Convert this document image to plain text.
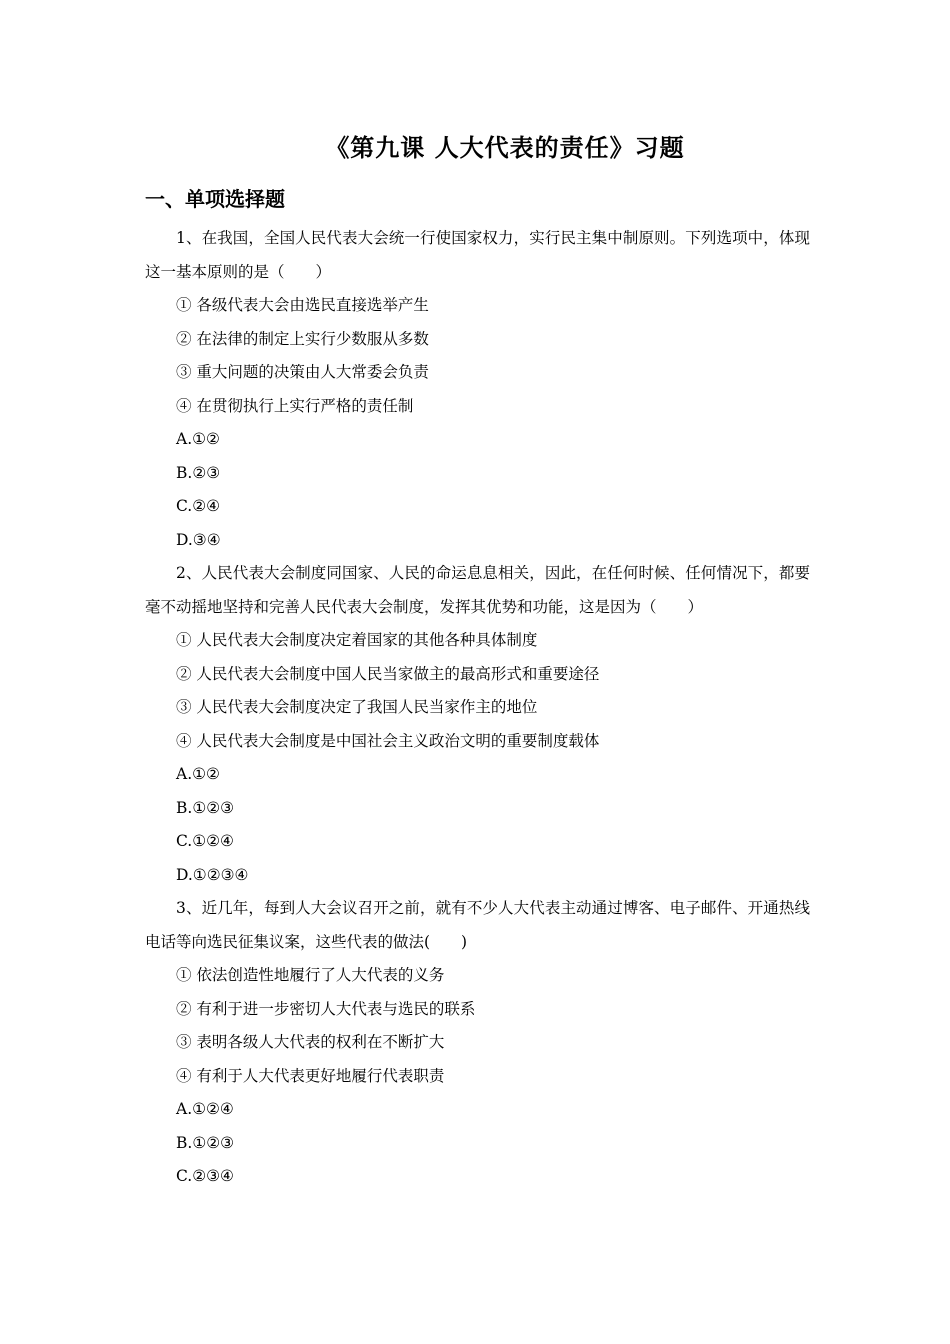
《第九课 人大代表的责任》习题
一、单项选择题

1、在我国，全国人民代表大会统一行使国家权力，实行民主集中制原则。下列选项中，体现这一基本原则的是（　　）

① 各级代表大会由选民直接选举产生

② 在法律的制定上实行少数服从多数

③ 重大问题的决策由人大常委会负责

④ 在贯彻执行上实行严格的责任制

A.①②

B.②③

C.②④

D.③④

2、人民代表大会制度同国家、人民的命运息息相关，因此，在任何时候、任何情况下，都要毫不动摇地坚持和完善人民代表大会制度，发挥其优势和功能，这是因为（　　）

① 人民代表大会制度决定着国家的其他各种具体制度

② 人民代表大会制度中国人民当家做主的最高形式和重要途径

③ 人民代表大会制度决定了我国人民当家作主的地位

④ 人民代表大会制度是中国社会主义政治文明的重要制度载体

A.①②

B.①②③

C.①②④

D.①②③④

3、近几年，每到人大会议召开之前，就有不少人大代表主动通过博客、电子邮件、开通热线电话等向选民征集议案，这些代表的做法(　　)

① 依法创造性地履行了人大代表的义务

② 有利于进一步密切人大代表与选民的联系

③ 表明各级人大代表的权利在不断扩大

④ 有利于人大代表更好地履行代表职责

A.①②④

B.①②③

C.②③④
